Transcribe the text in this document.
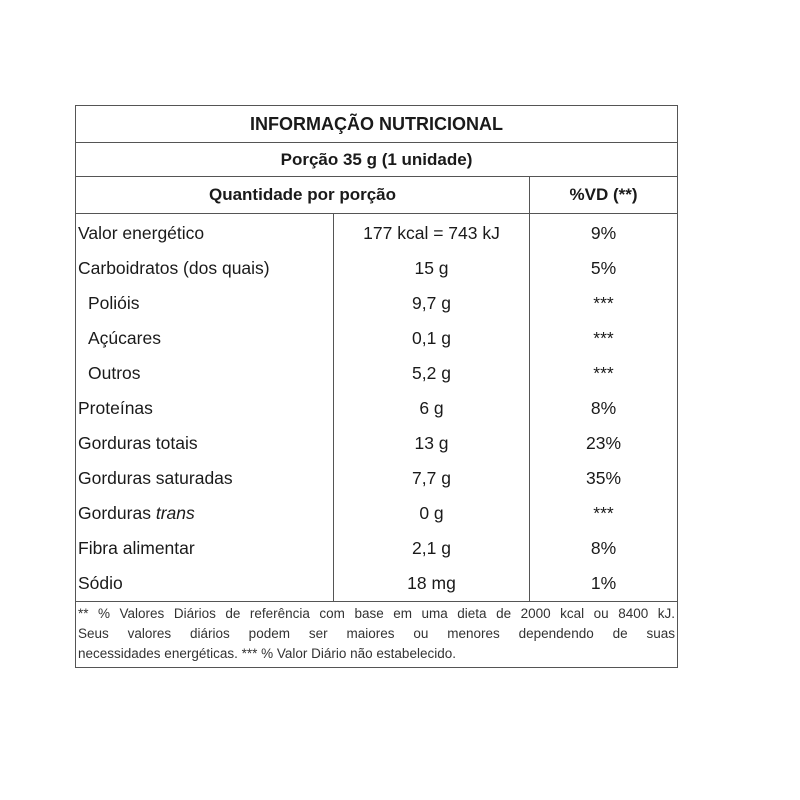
INFORMAÇÃO NUTRICIONAL
Porção 35 g (1 unidade)
Quantidade por porção	%VD (**)
Valor energético
Carboidratos (dos quais)
Polióis
Açúcares
Outros
Proteínas
Gorduras totais
Gorduras saturadas
Gorduras
trans
Fibra alimentar
Sódio
177 kcal = 743 kJ
15 g
9,7 g
0,1 g
5,2 g
6 g
13 g
7,7 g
0 g
2,1 g
18 mg
9%
5%
***
***
***
8%
23%
35%
***
8%
1%
** % Valores Diários de referência com base em uma dieta de 2000 kcal ou 8400 kJ.
Seus valores diários podem ser maiores ou menores dependendo de suas
necessidades energéticas. *** % Valor Diário não estabelecido.
